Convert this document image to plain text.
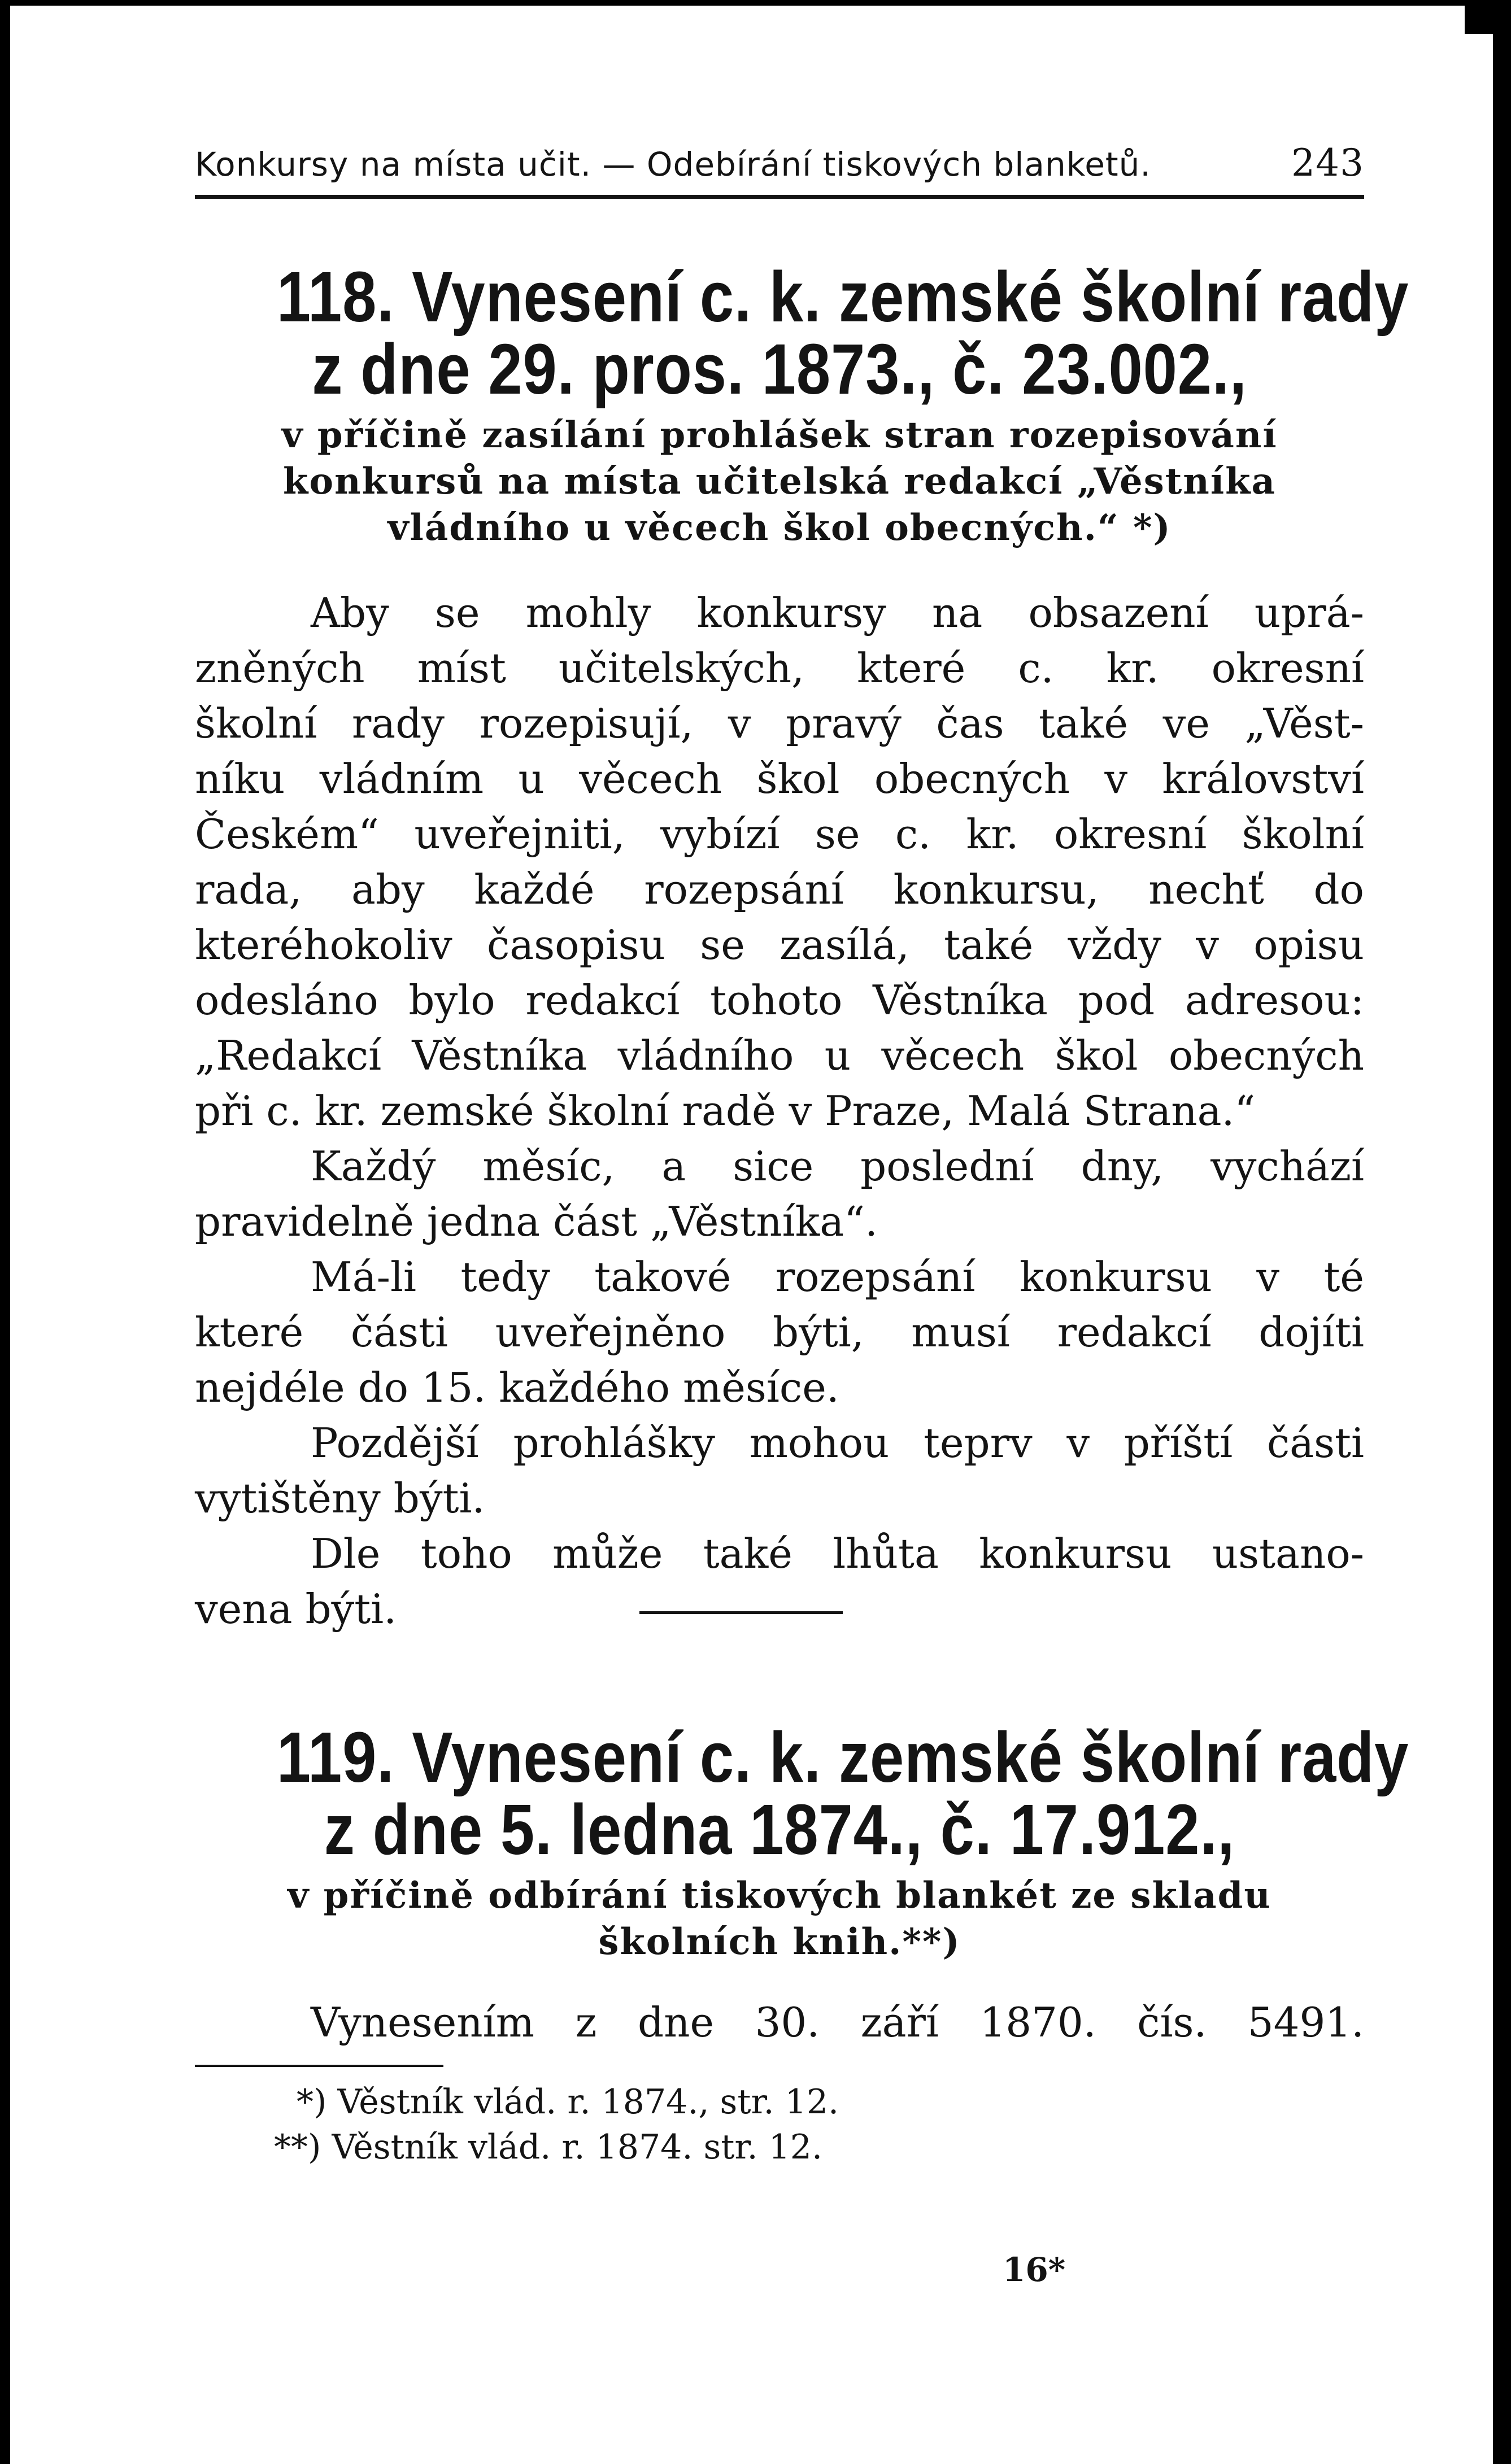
Konkursy na místa učit. — Odebírání tiskových blanketů.	243
118. Vynesení c. k. zemské školní rady
z dne 29. pros. 1873., č. 23.002.,
v příčině zasílání prohlášek stran rozepisování
konkursů na místa učitelská redakcí „Věstníka
vládního u věcech škol obecných.“ *)
Aby se mohly konkursy na obsazení uprá-
zněných míst učitelských, které c. kr. okresní
školní rady rozepisují, v pravý čas také ve „Věst-
níku vládním u věcech škol obecných v království
Českém“ uveřejniti, vybízí se c. kr. okresní školní
rada, aby každé rozepsání konkursu, nechť do
kteréhokoliv časopisu se zasílá, také vždy v opisu
odesláno bylo redakcí tohoto Věstníka pod adresou:
„Redakcí Věstníka vládního u věcech škol obecných
při c. kr. zemské školní radě v Praze, Malá Strana.“
Každý měsíc, a sice poslední dny, vychází
pravidelně jedna část „Věstníka“.
Má-li tedy takové rozepsání konkursu v té
které části uveřejněno býti, musí redakcí dojíti
nejdéle do 15. každého měsíce.
Pozdější prohlášky mohou teprv v příští části
vytištěny býti.
Dle toho může také lhůta konkursu ustano-
vena býti.
119. Vynesení c. k. zemské školní rady
z dne 5. ledna 1874., č. 17.912.,
v příčině odbírání tiskových blankét ze skladu
školních knih.**)
Vynesením z dne 30. září 1870. čís. 5491.
*) Věstník vlád. r. 1874., str. 12.
**) Věstník vlád. r. 1874. str. 12.
16*
